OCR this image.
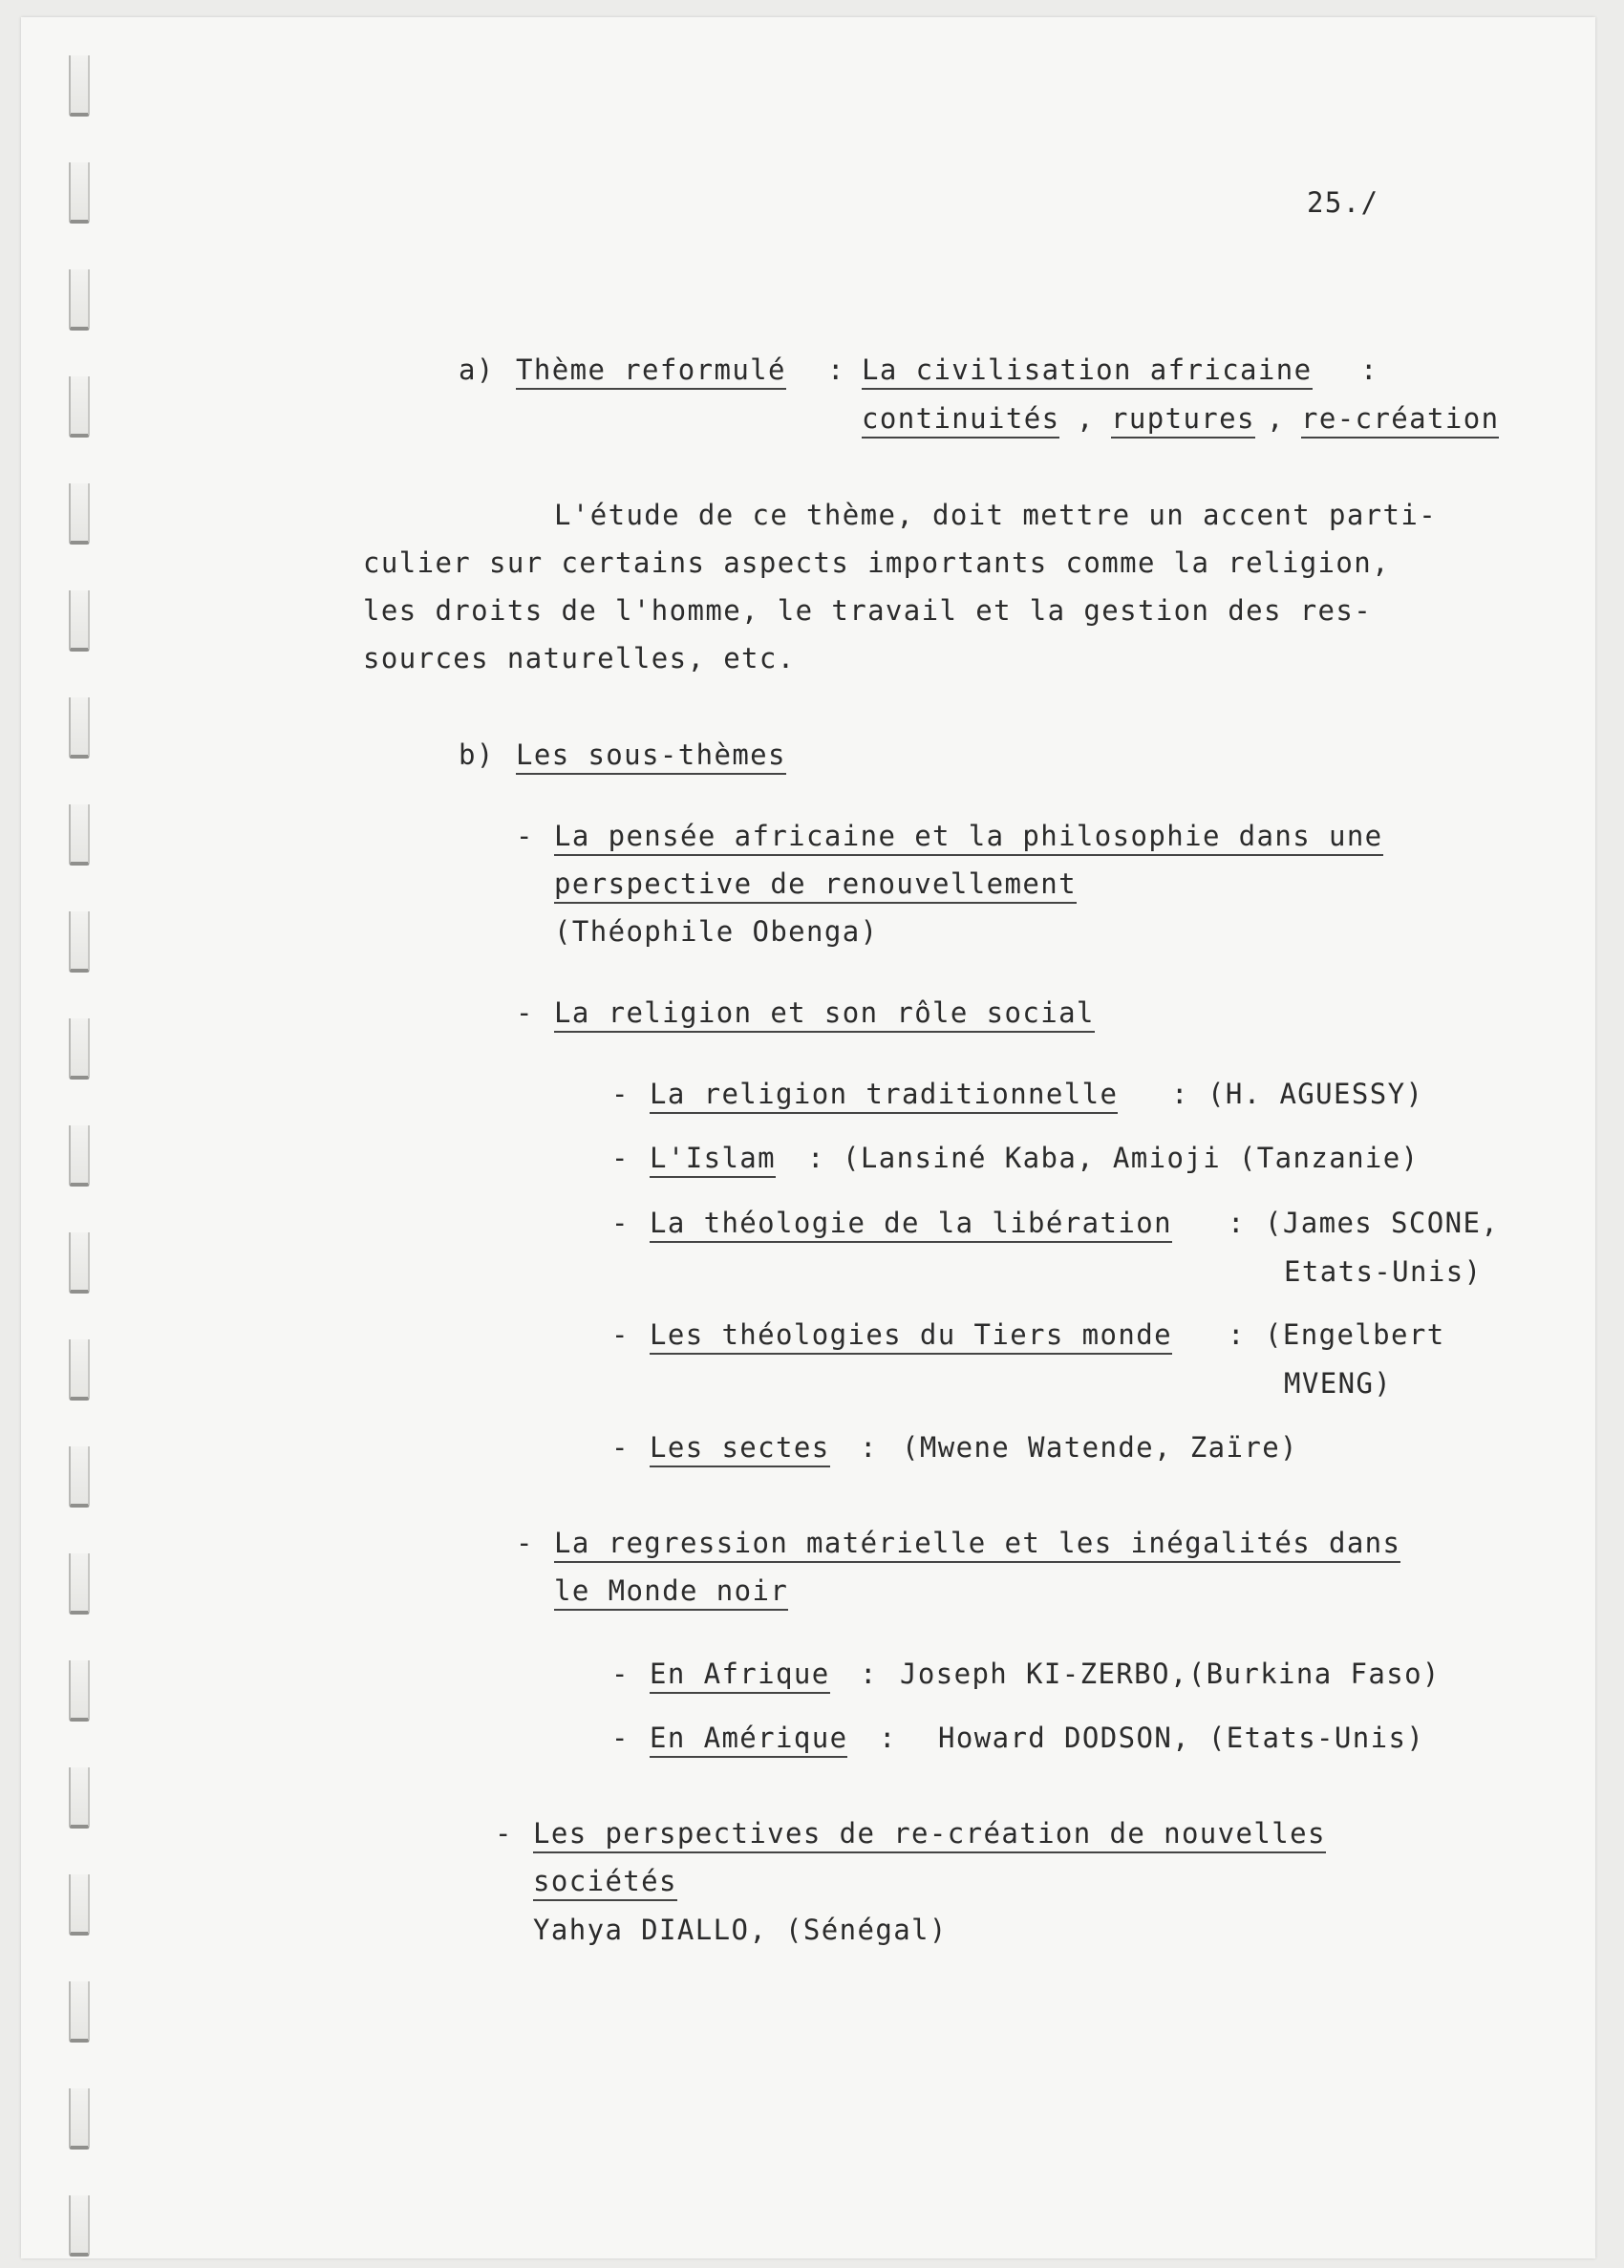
25./
a) Thème reformulé : La civilisation africaine :
continuités , ruptures , re-création
L'étude de ce thème, doit mettre un accent parti-
culier sur certains aspects importants comme la religion,
les droits de l'homme, le travail et la gestion des res-
sources naturelles, etc.
b) Les sous-thèmes
- La pensée africaine et la philosophie dans une
perspective de renouvellement
(Théophile Obenga)
- La religion et son rôle social
- La religion traditionnelle : (H. AGUESSY)
- L'Islam : (Lansiné Kaba, Amioji (Tanzanie)
- La théologie de la libération : (James SCONE,
Etats-Unis)
- Les théologies du Tiers monde : (Engelbert
MVENG)
- Les sectes : (Mwene Watende, Zaïre)
- La regression matérielle et les inégalités dans
le Monde noir
- En Afrique : Joseph KI-ZERBO,(Burkina Faso)
- En Amérique : Howard DODSON, (Etats-Unis)
- Les perspectives de re-création de nouvelles
sociétés
Yahya DIALLO, (Sénégal)
